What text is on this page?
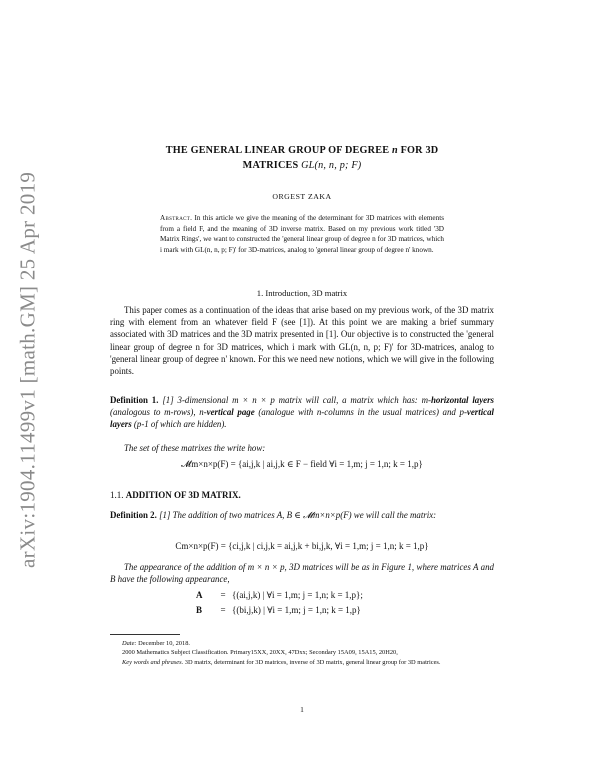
arXiv:1904.11499v1 [math.GM] 25 Apr 2019
THE GENERAL LINEAR GROUP OF DEGREE n FOR 3D
MATRICES GL(n, n, p; F)
ORGEST ZAKA
Abstract. In this article we give the meaning of the determinant for 3D matrices with elements from a field F, and the meaning of 3D inverse matrix. Based on my previous work titled '3D Matrix Rings', we want to constructed the 'general linear group of degree n for 3D matrices, which i mark with GL(n, n, p; F)' for 3D-matrices, analog to 'general linear group of degree n' known.
1. Introduction, 3D matrix
This paper comes as a continuation of the ideas that arise based on my previous work, of the 3D matrix ring with element from an whatever field F (see [1]). At this point we are making a brief summary associated with 3D matrices and the 3D matrix presented in [1]. Our objective is to constructed the 'general linear group of degree n for 3D matrices, which i mark with GL(n, n, p; F)' for 3D-matrices, analog to 'general linear group of degree n' known. For this we need new notions, which we will give in the following points.
Definition 1. [1] 3-dimensional m × n × p matrix will call, a matrix which has: m-horizontal layers (analogous to m-rows), n-vertical page (analogue with n-columns in the usual matrices) and p-vertical layers (p-1 of which are hidden).
The set of these matrixes the write how:
𝓜m×n×p(F) = {ai,j,k | ai,j,k ∈ F − field ∀i = 1,m; j = 1,n; k = 1,p}
1.1. ADDITION OF 3D MATRIX.
Definition 2. [1] The addition of two matrices A, B ∈ 𝓜m×n×p(F) we will call the matrix:
Cm×n×p(F) = {ci,j,k | ci,j,k = ai,j,k + bi,j,k, ∀i = 1,m; j = 1,n; k = 1,p}
The appearance of the addition of m × n × p, 3D matrices will be as in Figure 1, where matrices A and B have the following appearance,
A	= {(ai,j,k) | ∀i = 1,m; j = 1,n; k = 1,p};
B	= {(bi,j,k) | ∀i = 1,m; j = 1,n; k = 1,p}
Date: December 10, 2018.
2000 Mathematics Subject Classification. Primary15XX, 20XX, 47Dxx; Secondary 15A09, 15A15, 20H20,
Key words and phrases. 3D matrix, determinant for 3D matrices, inverse of 3D matrix, general linear group for 3D matrices.
1
